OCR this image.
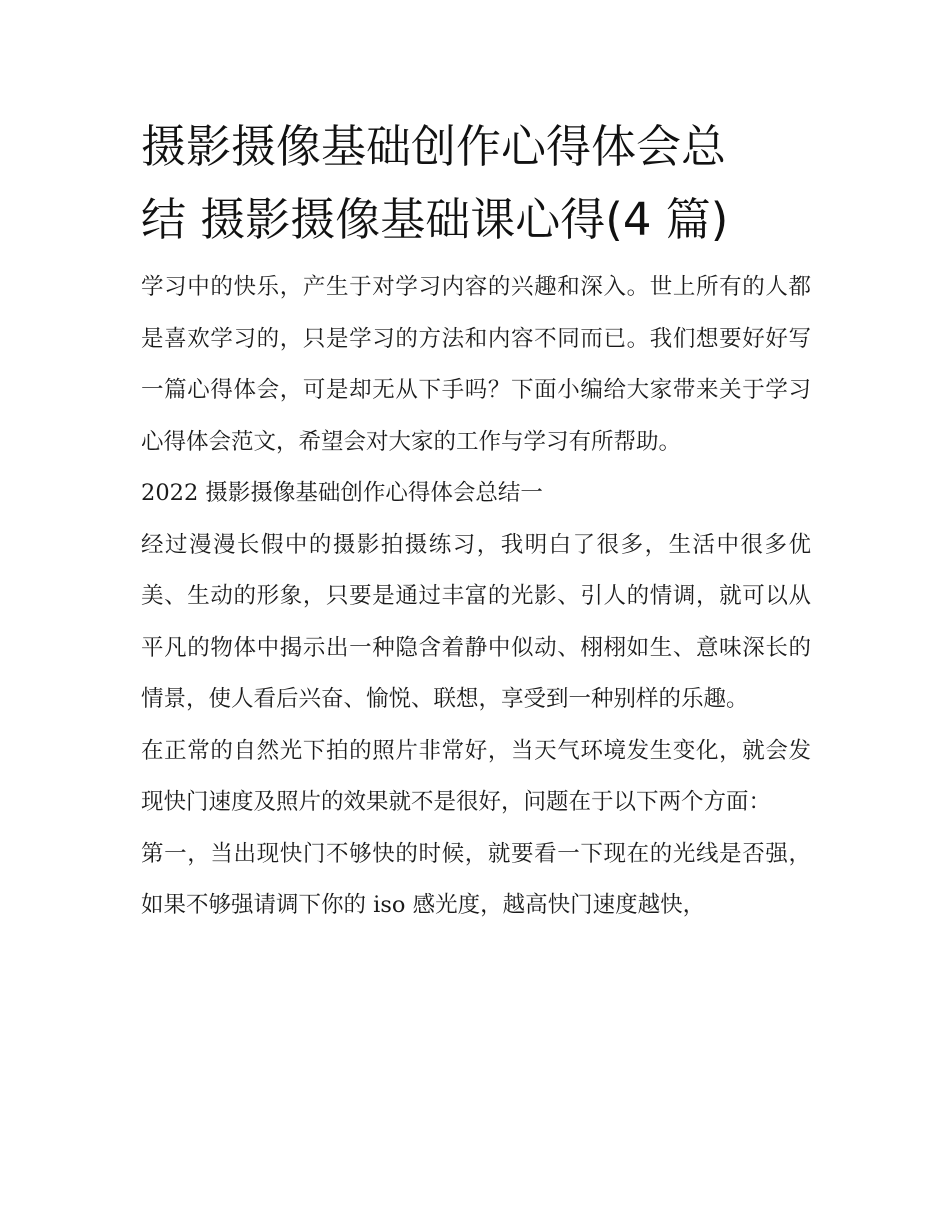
摄影摄像基础创作心得体会总
结 摄影摄像基础课心得(4 篇)

学习中的快乐，产生于对学习内容的兴趣和深入。世上所有的人都是喜欢学习的，只是学习的方法和内容不同而已。我们想要好好写一篇心得体会，可是却无从下手吗？下面小编给大家带来关于学习心得体会范文，希望会对大家的工作与学习有所帮助。

2022 摄影摄像基础创作心得体会总结一

经过漫漫长假中的摄影拍摄练习，我明白了很多，生活中很多优美、生动的形象，只要是通过丰富的光影、引人的情调，就可以从平凡的物体中揭示出一种隐含着静中似动、栩栩如生、意味深长的情景，使人看后兴奋、愉悦、联想，享受到一种别样的乐趣。

在正常的自然光下拍的照片非常好，当天气环境发生变化，就会发现快门速度及照片的效果就不是很好，问题在于以下两个方面：

第一，当出现快门不够快的时候，就要看一下现在的光线是否强，如果不够强请调下你的 iso 感光度，越高快门速度越快，
